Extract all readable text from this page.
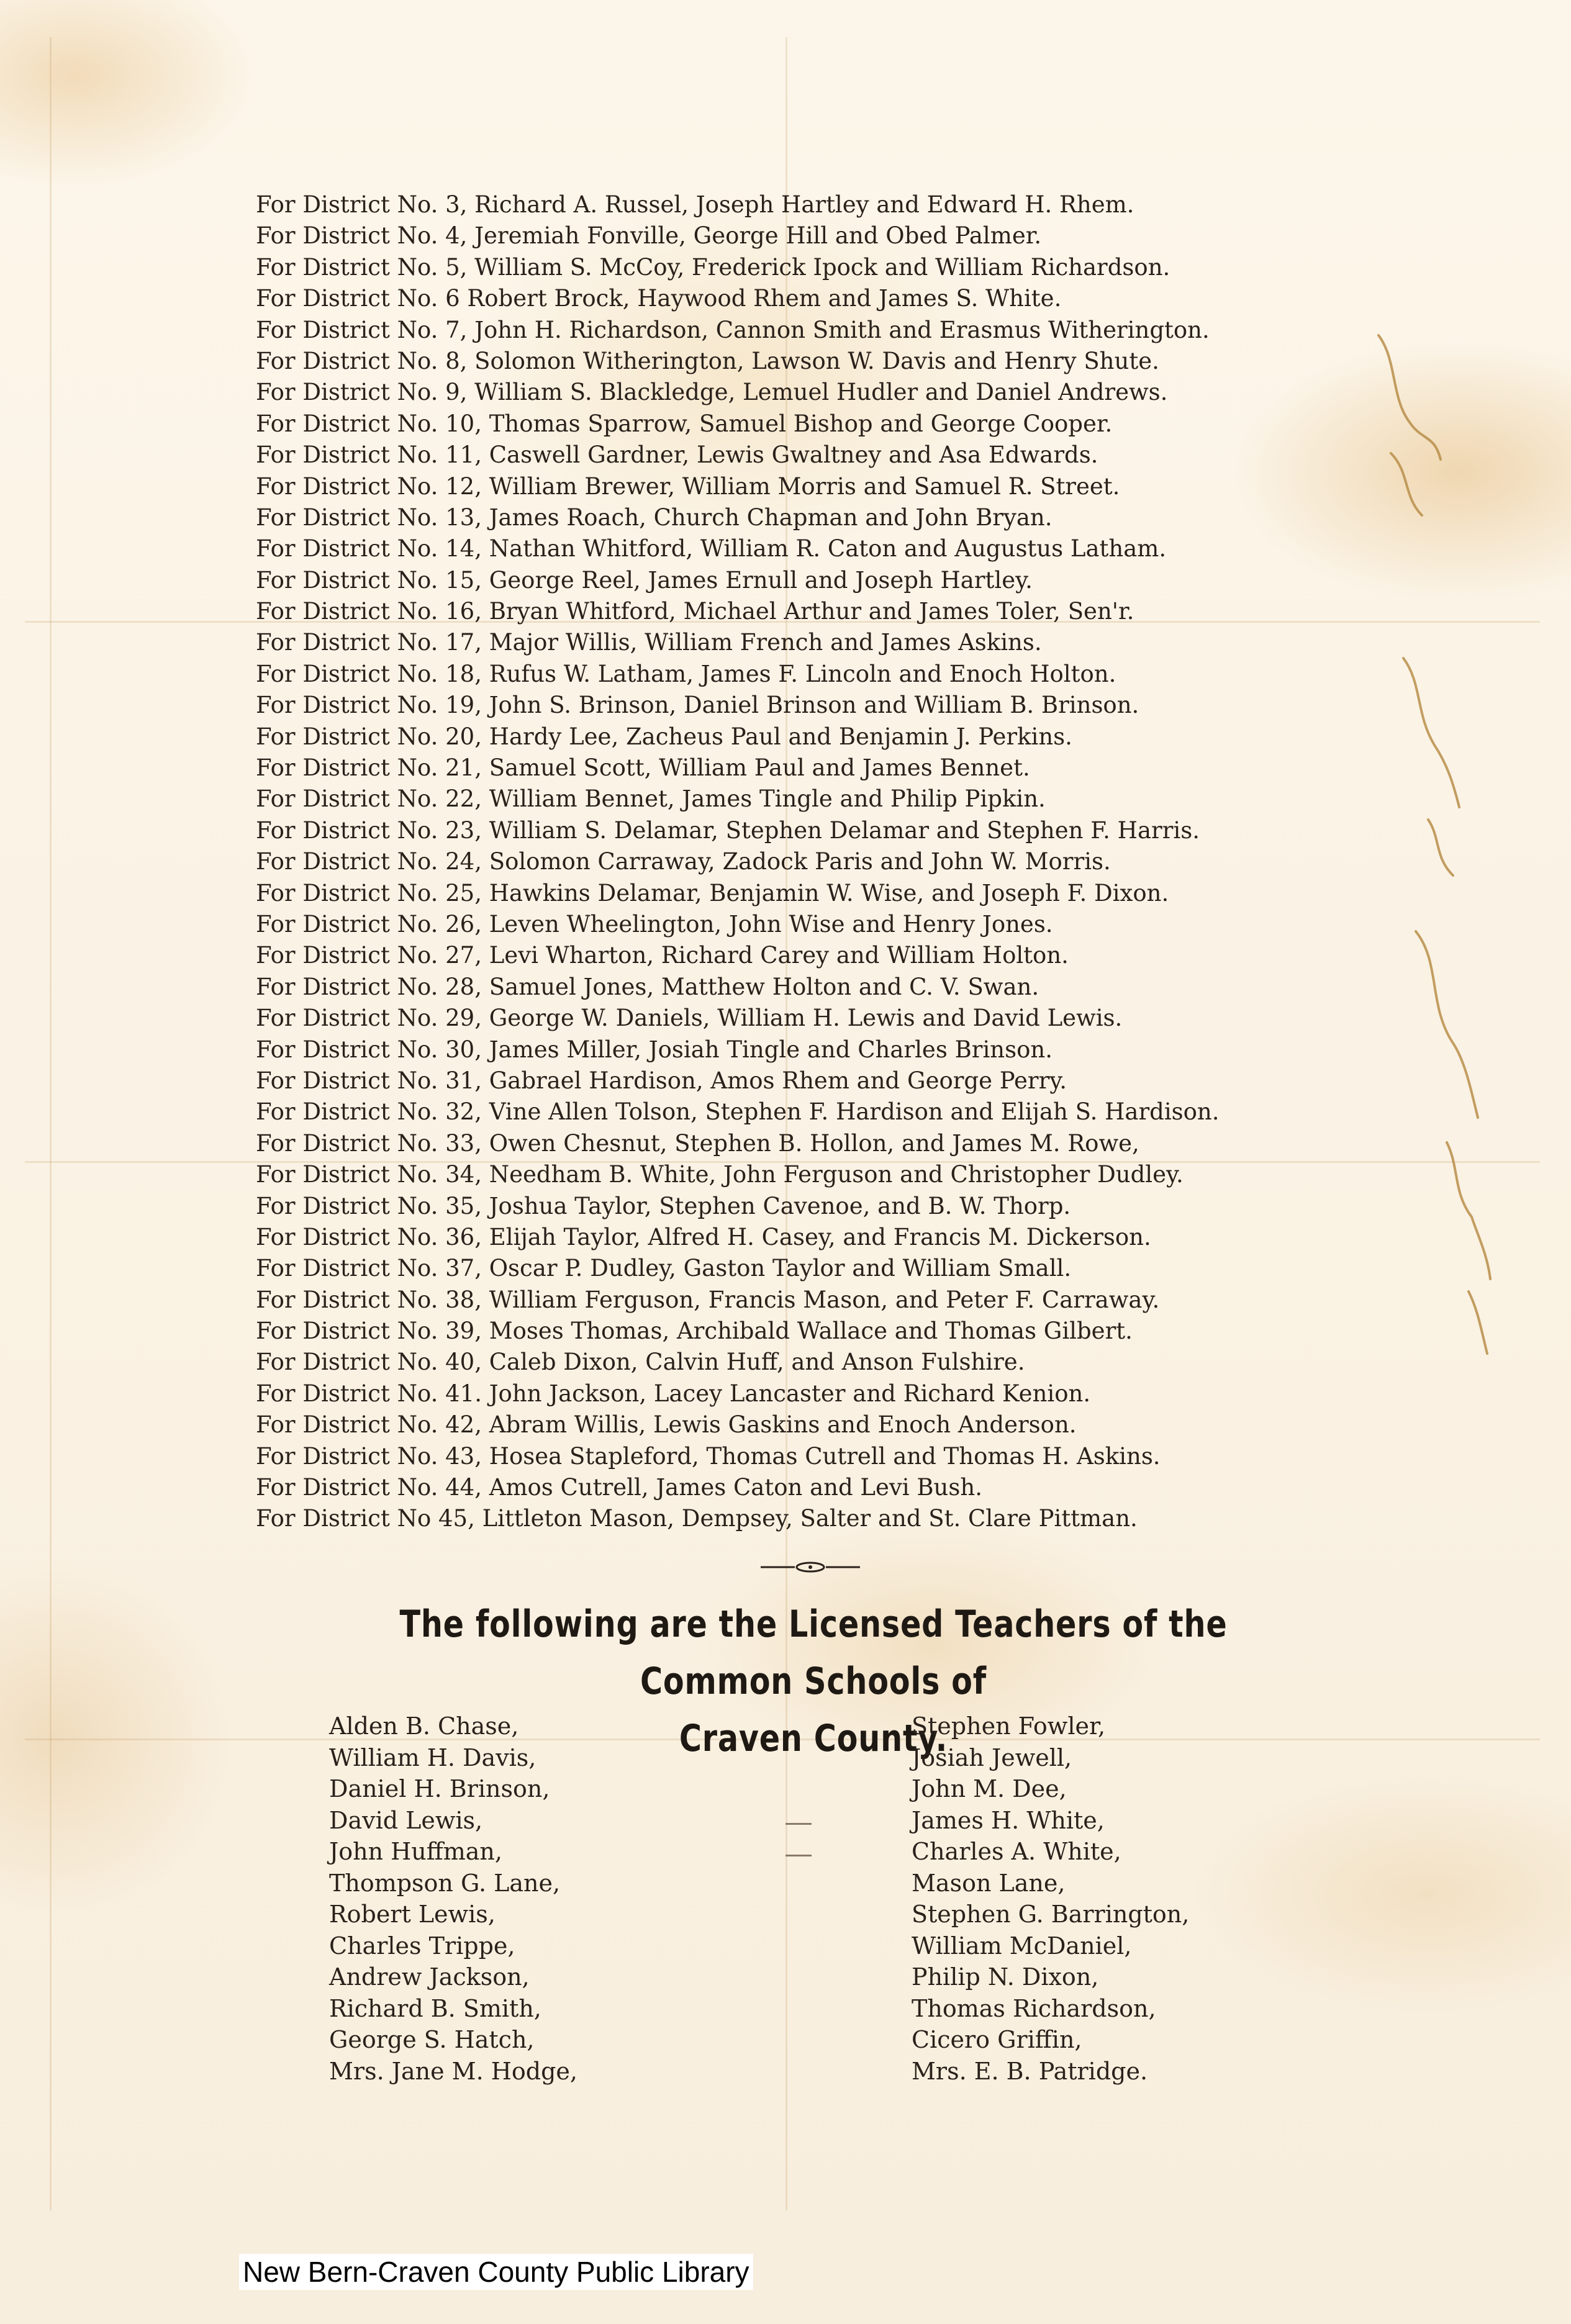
For District No. 3, Richard A. Russel, Joseph Hartley and Edward H. Rhem.
For District No. 4, Jeremiah Fonville, George Hill and Obed Palmer.
For District No. 5, William S. McCoy, Frederick Ipock and William Richardson.
For District No. 6 Robert Brock, Haywood Rhem and James S. White.
For District No. 7, John H. Richardson, Cannon Smith and Erasmus Witherington.
For District No. 8, Solomon Witherington, Lawson W. Davis and Henry Shute.
For District No. 9, William S. Blackledge, Lemuel Hudler and Daniel Andrews.
For District No. 10, Thomas Sparrow, Samuel Bishop and George Cooper.
For District No. 11, Caswell Gardner, Lewis Gwaltney and Asa Edwards.
For District No. 12, William Brewer, William Morris and Samuel R. Street.
For District No. 13, James Roach, Church Chapman and John Bryan.
For District No. 14, Nathan Whitford, William R. Caton and Augustus Latham.
For District No. 15, George Reel, James Ernull and Joseph Hartley.
For District No. 16, Bryan Whitford, Michael Arthur and James Toler, Sen'r.
For District No. 17, Major Willis, William French and James Askins.
For District No. 18, Rufus W. Latham, James F. Lincoln and Enoch Holton.
For District No. 19, John S. Brinson, Daniel Brinson and William B. Brinson.
For District No. 20, Hardy Lee, Zacheus Paul and Benjamin J. Perkins.
For District No. 21, Samuel Scott, William Paul and James Bennet.
For District No. 22, William Bennet, James Tingle and Philip Pipkin.
For District No. 23, William S. Delamar, Stephen Delamar and Stephen F. Harris.
For District No. 24, Solomon Carraway, Zadock Paris and John W. Morris.
For District No. 25, Hawkins Delamar, Benjamin W. Wise, and Joseph F. Dixon.
For District No. 26, Leven Wheelington, John Wise and Henry Jones.
For District No. 27, Levi Wharton, Richard Carey and William Holton.
For District No. 28, Samuel Jones, Matthew Holton and C. V. Swan.
For District No. 29, George W. Daniels, William H. Lewis and David Lewis.
For District No. 30, James Miller, Josiah Tingle and Charles Brinson.
For District No. 31, Gabrael Hardison, Amos Rhem and George Perry.
For District No. 32, Vine Allen Tolson, Stephen F. Hardison and Elijah S. Hardison.
For District No. 33, Owen Chesnut, Stephen B. Hollon, and James M. Rowe,
For District No. 34, Needham B. White, John Ferguson and Christopher Dudley.
For District No. 35, Joshua Taylor, Stephen Cavenoe, and B. W. Thorp.
For District No. 36, Elijah Taylor, Alfred H. Casey, and Francis M. Dickerson.
For District No. 37, Oscar P. Dudley, Gaston Taylor and William Small.
For District No. 38, William Ferguson, Francis Mason, and Peter F. Carraway.
For District No. 39, Moses Thomas, Archibald Wallace and Thomas Gilbert.
For District No. 40, Caleb Dixon, Calvin Huff, and Anson Fulshire.
For District No. 41. John Jackson, Lacey Lancaster and Richard Kenion.
For District No. 42, Abram Willis, Lewis Gaskins and Enoch Anderson.
For District No. 43, Hosea Stapleford, Thomas Cutrell and Thomas H. Askins.
For District No. 44, Amos Cutrell, James Caton and Levi Bush.
For District No 45, Littleton Mason, Dempsey, Salter and St. Clare Pittman.
The following are the Licensed Teachers of the Common Schools of
Craven County.
Alden B. Chase,
William H. Davis,
Daniel H. Brinson,
David Lewis,
John Huffman,
Thompson G. Lane,
Robert Lewis,
Charles Trippe,
Andrew Jackson,
Richard B. Smith,
George S. Hatch,
Mrs. Jane M. Hodge,
Stephen Fowler,
Josiah Jewell,
John M. Dee,
James H. White,
Charles A. White,
Mason Lane,
Stephen G. Barrington,
William McDaniel,
Philip N. Dixon,
Thomas Richardson,
Cicero Griffin,
Mrs. E. B. Patridge.
New Bern-Craven County Public Library
